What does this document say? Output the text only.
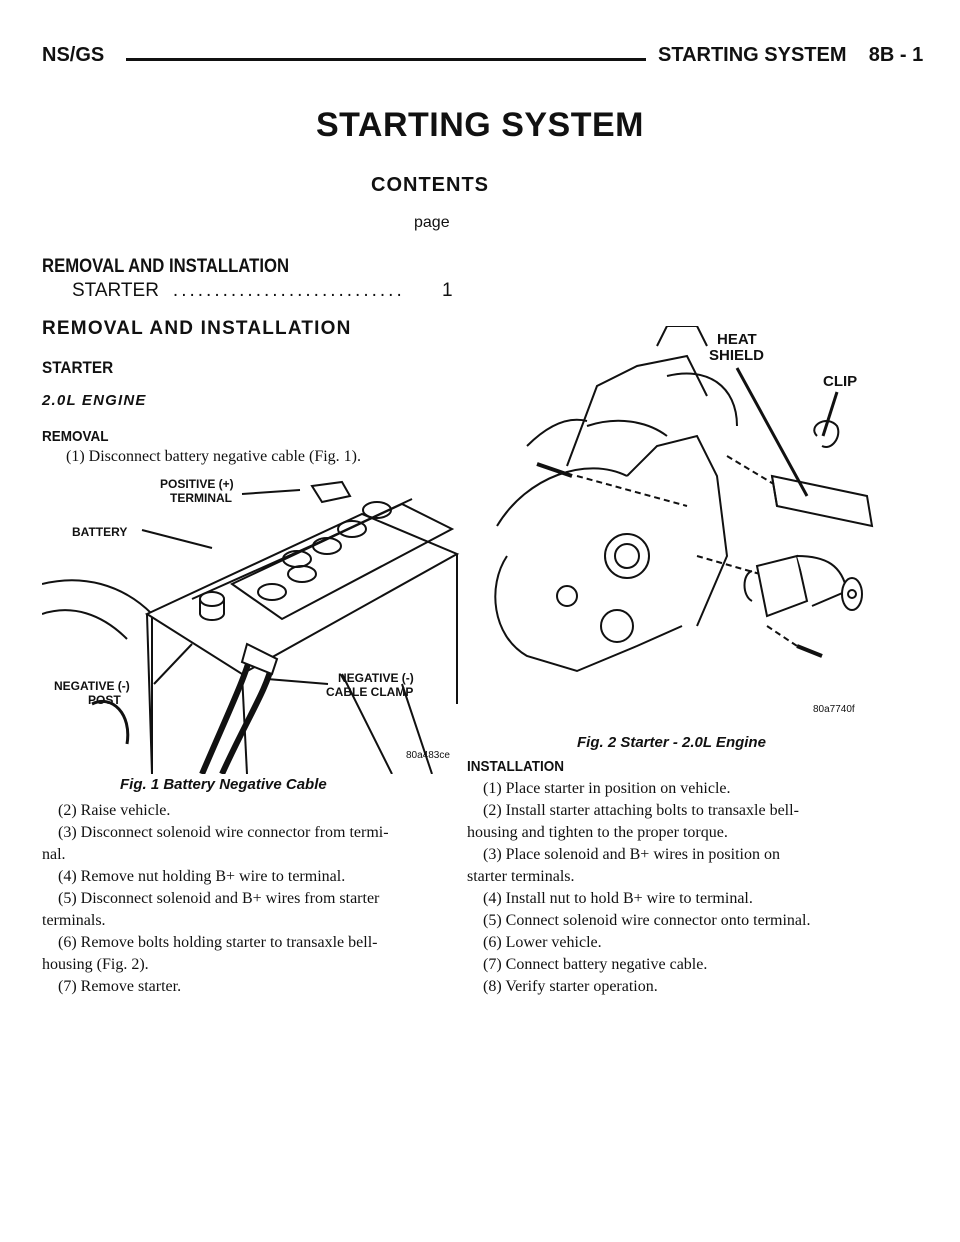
NS/GS	STARTING SYSTEM    8B - 1
STARTING SYSTEM
CONTENTS
page
REMOVAL AND INSTALLATION
STARTER ............................ 1
REMOVAL AND INSTALLATION
STARTER
2.0L ENGINE
REMOVAL
(1) Disconnect battery negative cable (Fig. 1).
POSITIVE (+)
TERMINAL
BATTERY
NEGATIVE (-)
POST
NEGATIVE (-)
CABLE CLAMP
80a483ce
Fig. 1 Battery Negative Cable
(2) Raise vehicle.
(3) Disconnect solenoid wire connector from termi-
nal.
(4) Remove nut holding B+ wire to terminal.
(5) Disconnect solenoid and B+ wires from starter
terminals.
(6) Remove bolts holding starter to transaxle bell-
housing (Fig. 2).
(7) Remove starter.
HEAT
SHIELD
CLIP
80a7740f
Fig. 2 Starter - 2.0L Engine
INSTALLATION
(1) Place starter in position on vehicle.
(2) Install starter attaching bolts to transaxle bell-
housing and tighten to the proper torque.
(3) Place solenoid and B+ wires in position on
starter terminals.
(4) Install nut to hold B+ wire to terminal.
(5) Connect solenoid wire connector onto terminal.
(6) Lower vehicle.
(7) Connect battery negative cable.
(8) Verify starter operation.
